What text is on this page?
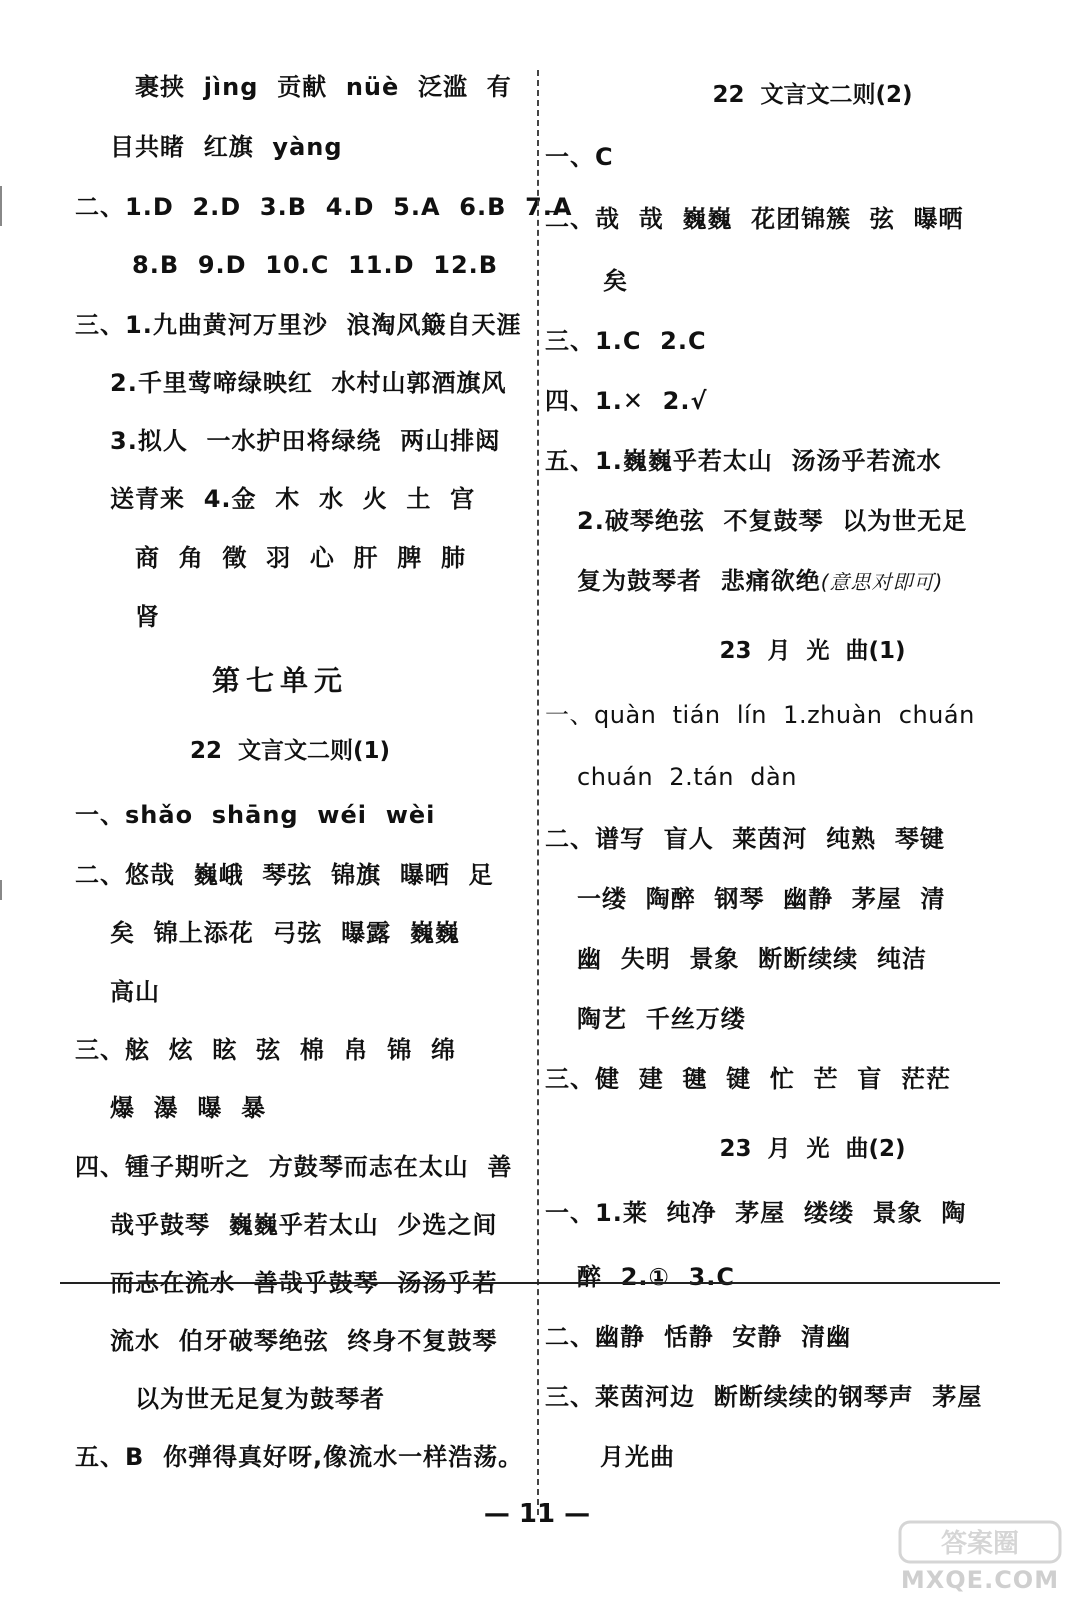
裹挟  jìng  贡献  nüè  泛滥  有
目共睹  红旗  yàng
二、1.D  2.D  3.B  4.D  5.A  6.B  7.A
8.B  9.D  10.C  11.D  12.B
三、1.九曲黄河万里沙  浪淘风簸自天涯
2.千里莺啼绿映红  水村山郭酒旗风
3.拟人  一水护田将绿绕  两山排闼
送青来  4.金  木  水  火  土  宫
商  角  徵  羽  心  肝  脾  肺
肾
第七单元
22  文言文二则(1)
一、shǎo  shāng  wéi  wèi
二、悠哉  巍峨  琴弦  锦旗  曝晒  足
矣  锦上添花  弓弦  曝露  巍巍
高山
三、舷  炫  眩  弦  棉  帛  锦  绵
爆  瀑  曝  暴
四、锺子期听之  方鼓琴而志在太山  善
哉乎鼓琴  巍巍乎若太山  少选之间
而志在流水  善哉乎鼓琴  汤汤乎若
流水  伯牙破琴绝弦  终身不复鼓琴
以为世无足复为鼓琴者
五、B  你弹得真好呀,像流水一样浩荡。
22  文言文二则(2)
一、C
二、哉  哉  巍巍  花团锦簇  弦  曝晒
矣
三、1.C  2.C
四、1.✕  2.√
五、1.巍巍乎若太山  汤汤乎若流水
2.破琴绝弦  不复鼓琴  以为世无足
复为鼓琴者  悲痛欲绝(意思对即可)
23  月  光  曲(1)
一、quàn  tián  lín  1.zhuàn  chuán
chuán  2.tán  dàn
二、谱写  盲人  莱茵河  纯熟  琴键
一缕  陶醉  钢琴  幽静  茅屋  清
幽  失明  景象  断断续续  纯洁
陶艺  千丝万缕
三、健  建  毽  键  忙  芒  盲  茫茫
23  月  光  曲(2)
一、1.莱  纯净  茅屋  缕缕  景象  陶
醉  2.①  3.C
二、幽静  恬静  安静  清幽
三、莱茵河边  断断续续的钢琴声  茅屋
月光曲
— 11 —
答案圈
MXQE.COM
